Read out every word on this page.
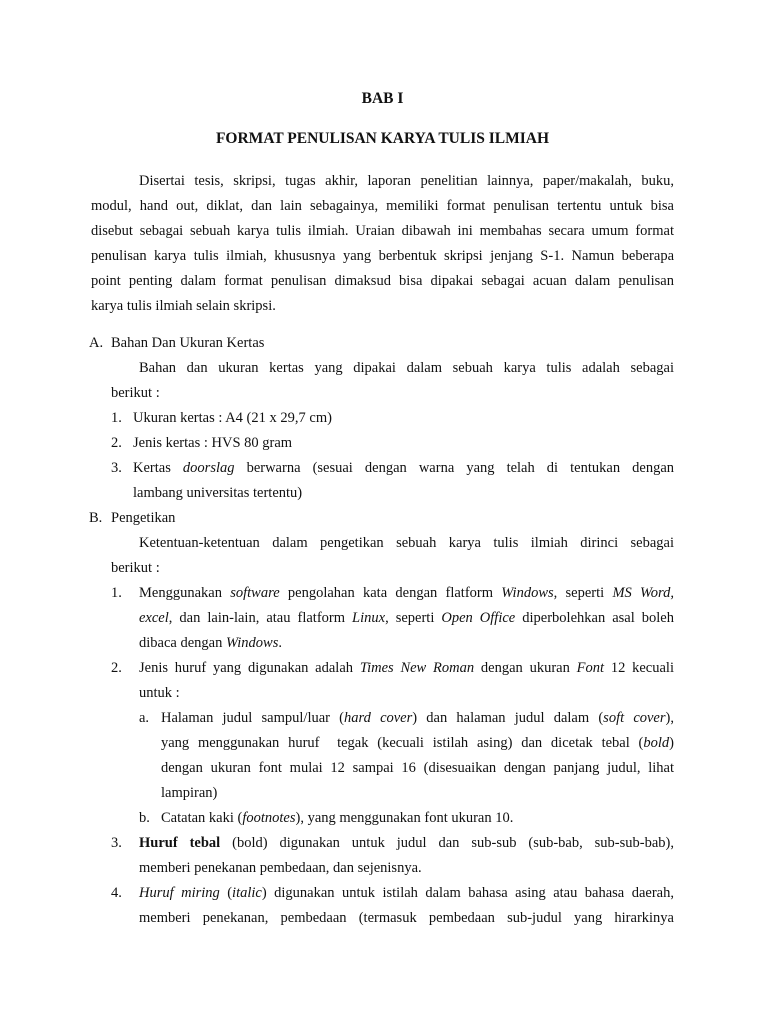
BAB I
FORMAT PENULISAN KARYA TULIS ILMIAH
Disertai tesis, skripsi, tugas akhir, laporan penelitian lainnya, paper/makalah, buku,
modul, hand out, diklat, dan lain sebagainya, memiliki format penulisan tertentu untuk bisa
disebut sebagai sebuah karya tulis ilmiah. Uraian dibawah ini membahas secara umum format
penulisan karya tulis ilmiah, khususnya yang berbentuk skripsi jenjang S-1. Namun beberapa
point penting dalam format penulisan dimaksud bisa dipakai sebagai acuan dalam penulisan
karya tulis ilmiah selain skripsi.
A. Bahan Dan Ukuran Kertas
Bahan dan ukuran kertas yang dipakai dalam sebuah karya tulis adalah sebagai
berikut :
1. Ukuran kertas : A4 (21 x 29,7 cm)
2. Jenis kertas : HVS 80 gram
3. Kertas doorslag berwarna (sesuai dengan warna yang telah di tentukan dengan
lambang universitas tertentu)
B. Pengetikan
Ketentuan-ketentuan dalam pengetikan sebuah karya tulis ilmiah dirinci sebagai
berikut :
1. Menggunakan software pengolahan kata dengan flatform Windows, seperti MS Word,
excel, dan lain-lain, atau flatform Linux, seperti Open Office diperbolehkan asal boleh
dibaca dengan Windows.
2. Jenis huruf yang digunakan adalah Times New Roman dengan ukuran Font 12 kecuali
untuk :
a. Halaman judul sampul/luar (hard cover) dan halaman judul dalam (soft cover),
yang menggunakan huruf  tegak (kecuali istilah asing) dan dicetak tebal (bold)
dengan ukuran font mulai 12 sampai 16 (disesuaikan dengan panjang judul, lihat
lampiran)
b. Catatan kaki (footnotes), yang menggunakan font ukuran 10.
3. Huruf tebal (bold) digunakan untuk judul dan sub-sub (sub-bab, sub-sub-bab),
memberi penekanan pembedaan, dan sejenisnya.
4. Huruf miring (italic) digunakan untuk istilah dalam bahasa asing atau bahasa daerah,
memberi penekanan, pembedaan (termasuk pembedaan sub-judul yang hirarkinya
